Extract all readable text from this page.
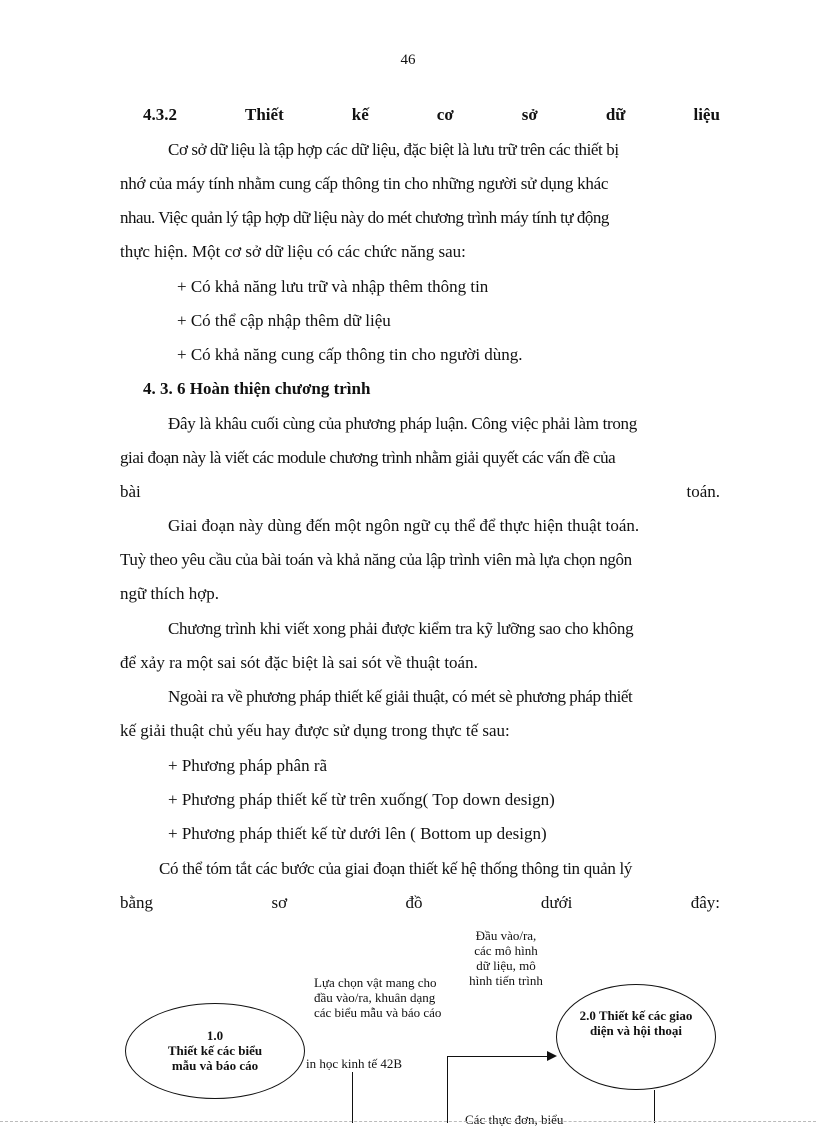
46
4.3.2	Thiết	kế	cơ	sở	dữ	liệu
Cơ sở dữ liệu là tập hợp các dữ liệu, đặc biệt là lưu trữ trên các thiết bị
nhớ của máy tính nhằm cung cấp thông tin cho những người sử dụng khác
nhau. Việc quản lý tập hợp dữ liệu này do mét chương trình máy tính tự động
thực hiện. Một cơ sở dữ liệu có các chức năng sau:
+ Có khả năng lưu trữ và nhập thêm thông tin
+ Có thể cập nhập thêm dữ liệu
+ Có khả năng cung cấp thông tin cho người dùng.
4. 3. 6 Hoàn thiện chương trình
Đây là khâu cuối cùng của phương pháp luận. Công việc phải làm trong
giai đoạn này là viết các module chương trình nhằm giải quyết các vấn đề của
bài	toán.
Giai đoạn này dùng đến một ngôn ngữ cụ thể để thực hiện thuật toán.
Tuỳ theo yêu cầu của bài toán và khả năng của lập trình viên mà lựa chọn ngôn
ngữ thích hợp.
Chương trình khi viết xong phải được kiểm tra kỹ lưỡng sao cho không
để xảy ra một sai sót đặc biệt là sai sót về thuật toán.
Ngoài ra về phương pháp thiết kế giải thuật, có mét sè phương pháp thiết
kế giải thuật chủ yếu hay được sử dụng trong thực tế sau:
+ Phương pháp phân rã
+ Phương pháp thiết kế từ trên xuống( Top down design)
+ Phương pháp thiết kế từ dưới lên ( Bottom up design)
Có thể tóm tắt các bước của giai đoạn thiết kế hệ thống thông tin quản lý
bằng	sơ	đồ	dưới	đây:
1.0
Thiết kế các biểu mẫu và báo cáo
2.0 Thiết kế các giao diện và hội thoại
Lựa chọn vật mang cho đầu vào/ra, khuân dạng các biểu mẫu và báo cáo
Đầu vào/ra, các mô hình dữ liệu, mô hình tiến trình
Các thực đơn, biểu
in học kinh tế 42B
